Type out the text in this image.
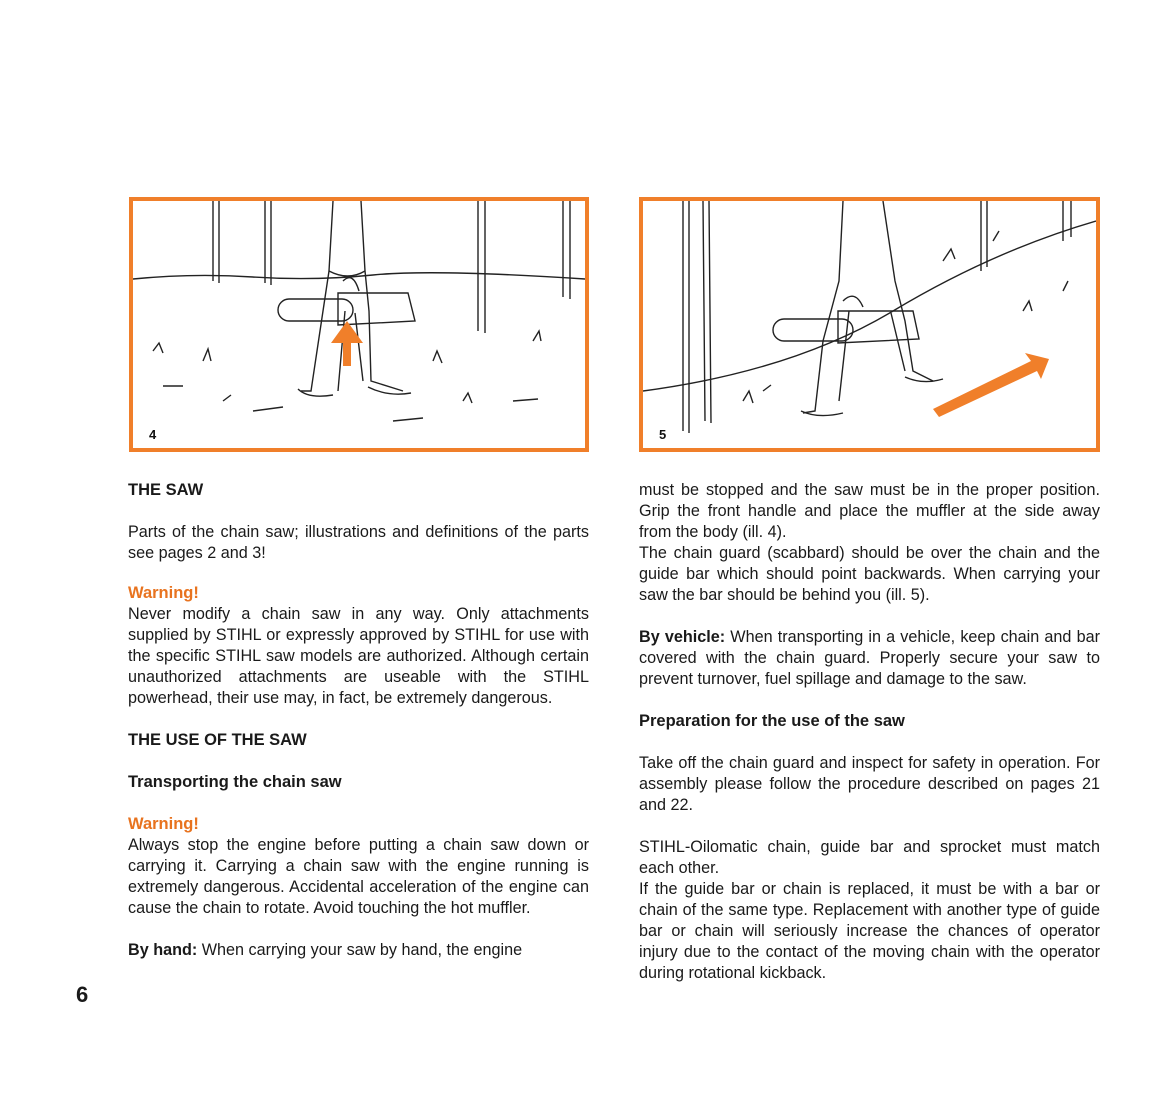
4	5

THE SAW

Parts of the chain saw; illustrations and definitions of the parts see pages 2 and 3!

Warning!

Never modify a chain saw in any way. Only attachments supplied by STIHL or expressly approved by STIHL for use with the specific STIHL saw models are authorized. Although certain unauthorized attachments are useable with the STIHL powerhead, their use may, in fact, be extremely dangerous.

THE USE OF THE SAW

Transporting the chain saw

Warning!

Always stop the engine before putting a chain saw down or carrying it. Carrying a chain saw with the engine running is extremely dangerous. Accidental acceleration of the engine can cause the chain to rotate. Avoid touching the hot muffler.

By hand: When carrying your saw by hand, the engine

must be stopped and the saw must be in the proper position. Grip the front handle and place the muffler at the side away from the body (ill. 4).

The chain guard (scabbard) should be over the chain and the guide bar which should point backwards. When carrying your saw the bar should be behind you (ill. 5).

By vehicle: When transporting in a vehicle, keep chain and bar covered with the chain guard. Properly secure your saw to prevent turnover, fuel spillage and damage to the saw.

Preparation for the use of the saw

Take off the chain guard and inspect for safety in operation. For assembly please follow the procedure described on pages 21 and 22.

STIHL-Oilomatic chain, guide bar and sprocket must match each other.

If the guide bar or chain is replaced, it must be with a bar or chain of the same type. Replacement with another type of guide bar or chain will seriously increase the chances of operator injury due to the contact of the moving chain with the operator during rotational kickback.

6
